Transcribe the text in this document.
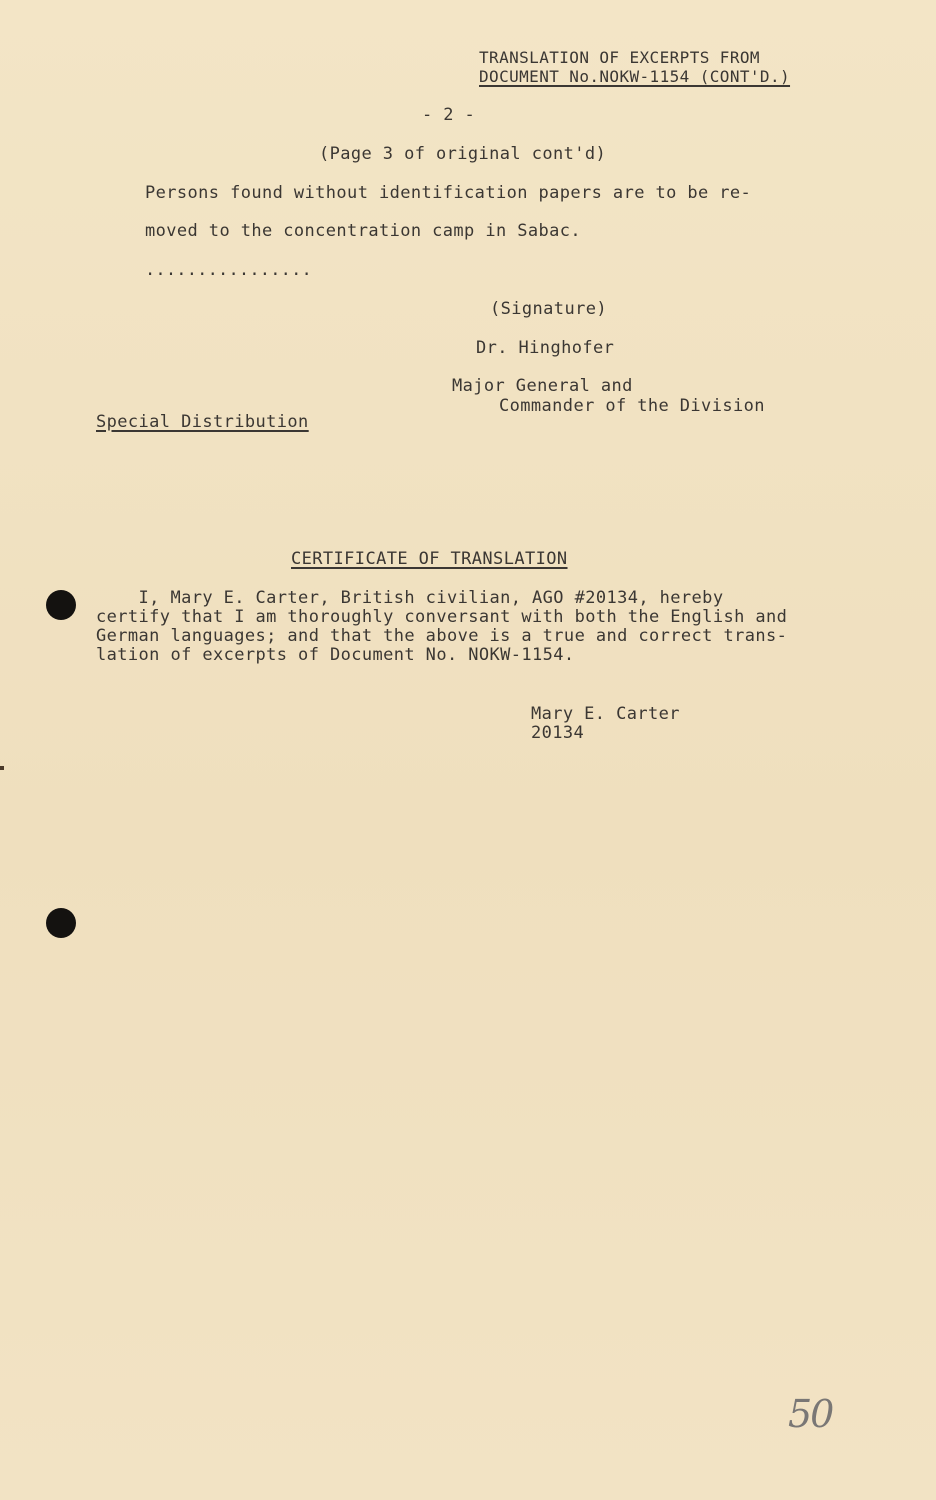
TRANSLATION OF EXCERPTS FROM
DOCUMENT No.NOKW-1154 (CONT'D.)
- 2 -
(Page 3 of original cont'd)
Persons found without identification papers are to be re-
moved to the concentration camp in Sabac.
................
(Signature)
Dr. Hinghofer
Major General and
Commander of the Division
Special Distribution
CERTIFICATE OF TRANSLATION
I, Mary E. Carter, British civilian, AGO #20134, hereby
certify that I am thoroughly conversant with both the English and
German languages; and that the above is a true and correct trans-
lation of excerpts of Document No. NOKW-1154.
Mary E. Carter
20134
50
